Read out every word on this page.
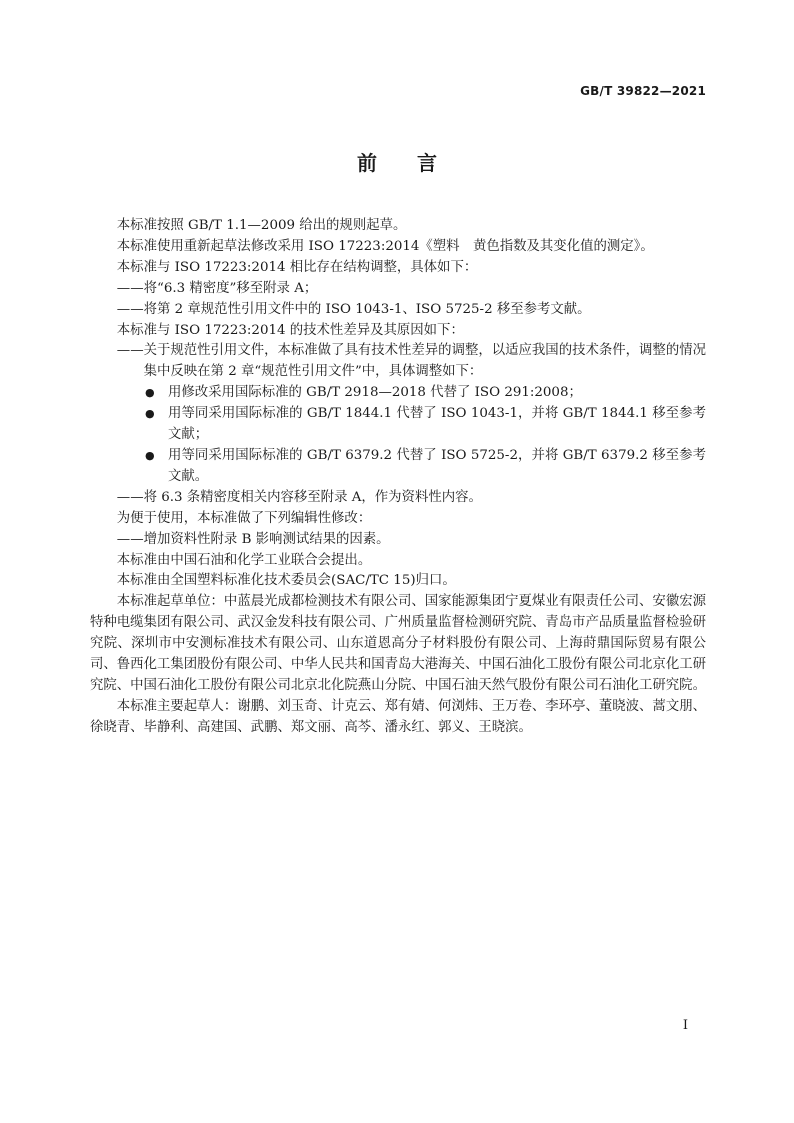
GB/T 39822—2021
前　　言

本标准按照 GB/T 1.1—2009 给出的规则起草。

本标准使用重新起草法修改采用 ISO 17223:2014《塑料　黄色指数及其变化值的测定》。

本标准与 ISO 17223:2014 相比存在结构调整，具体如下：

——将“6.3 精密度”移至附录 A；

——将第 2 章规范性引用文件中的 ISO 1043-1、ISO 5725-2 移至参考文献。

本标准与 ISO 17223:2014 的技术性差异及其原因如下：

——关于规范性引用文件，本标准做了具有技术性差异的调整，以适应我国的技术条件，调整的情况集中反映在第 2 章“规范性引用文件”中，具体调整如下：

● 用修改采用国际标准的 GB/T 2918—2018 代替了 ISO 291:2008；

● 用等同采用国际标准的 GB/T 1844.1 代替了 ISO 1043-1，并将 GB/T 1844.1 移至参考文献；

● 用等同采用国际标准的 GB/T 6379.2 代替了 ISO 5725-2，并将 GB/T 6379.2 移至参考文献。

——将 6.3 条精密度相关内容移至附录 A，作为资料性内容。

为便于使用，本标准做了下列编辑性修改：

——增加资料性附录 B 影响测试结果的因素。

本标准由中国石油和化学工业联合会提出。

本标准由全国塑料标准化技术委员会(SAC/TC 15)归口。

本标准起草单位：中蓝晨光成都检测技术有限公司、国家能源集团宁夏煤业有限责任公司、安徽宏源特种电缆集团有限公司、武汉金发科技有限公司、广州质量监督检测研究院、青岛市产品质量监督检验研究院、深圳市中安测标准技术有限公司、山东道恩高分子材料股份有限公司、上海莳鼎国际贸易有限公司、鲁西化工集团股份有限公司、中华人民共和国青岛大港海关、中国石油化工股份有限公司北京化工研究院、中国石油化工股份有限公司北京北化院燕山分院、中国石油天然气股份有限公司石油化工研究院。

本标准主要起草人：谢鹏、刘玉奇、计克云、郑有婧、何浏炜、王万卷、李环亭、董晓波、蒿文朋、徐晓青、毕静利、高建国、武鹏、郑文丽、高芩、潘永红、郭义、王晓滨。

I
